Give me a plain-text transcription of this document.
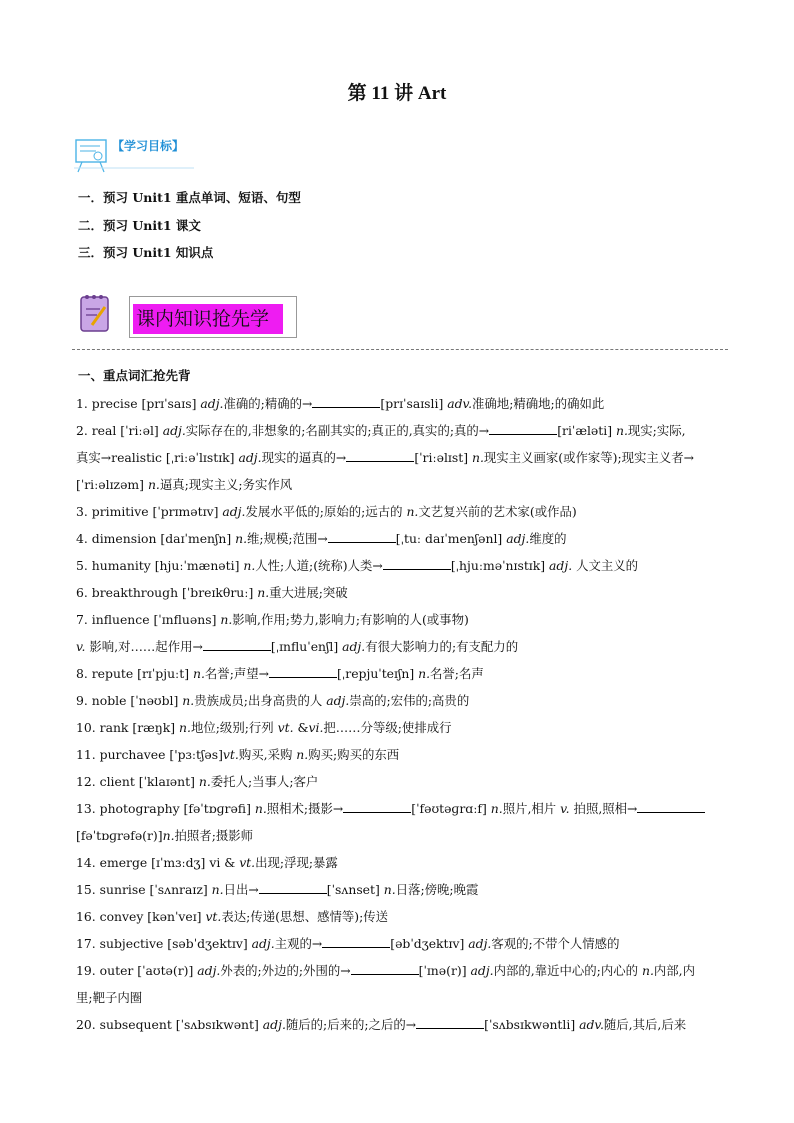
第 11 讲 Art
【学习目标】
一．预习 Unit1 重点单词、短语、句型
二．预习 Unit1 课文
三．预习 Unit1 知识点
课内知识抢先学
一、重点词汇抢先背
1. precise [prɪˈsaɪs] adj.准确的;精确的→	[prɪˈsaɪsli] adv.准确地;精确地;的确如此
2. real [ˈriːəl] adj.实际存在的,非想象的;名副其实的;真正的,真实的;真的→	[riˈæləti] n.现实;实际,
真实→realistic [ˌriːəˈlɪstɪk] adj.现实的逼真的→	[ˈriːəlɪst] n.现实主义画家(或作家等);现实主义者→
[ˈriːəlɪzəm] n.逼真;现实主义;务实作风
3. primitive [ˈprɪmətɪv] adj.发展水平低的;原始的;远古的 n.文艺复兴前的艺术家(或作品)
4. dimension [daɪˈmenʃn] n.维;规模;范围→	[ˌtuː daɪˈmenʃənl] adj.维度的
5. humanity [hjuːˈmænəti] n.人性;人道;(统称)人类→	[ˌhjuːməˈnɪstɪk] adj. 人文主义的
6. breakthrough [ˈbreɪkθruː] n.重大进展;突破
7. influence [ˈɪnfluəns] n.影响,作用;势力,影响力;有影响的人(或事物)
v. 影响,对……起作用→	[ˌɪnfluˈenʃl] adj.有很大影响力的;有支配力的
8. repute [rɪˈpjuːt] n.名誉;声望→	[ˌrepjuˈteɪʃn] n.名誉;名声
9. noble [ˈnəʊbl] n.贵族成员;出身高贵的人 adj.崇高的;宏伟的;高贵的
10. rank [ræŋk] n.地位;级别;行列 vt. &vi.把……分等级;使排成行
11. purchavee ['pɜːtʃəs]vt.购买,采购 n.购买;购买的东西
12. client [ˈklaɪənt] n.委托人;当事人;客户
13. photography [fəˈtɒɡrəfi] n.照相术;摄影→	[ˈfəʊtəɡrɑːf] n.照片,相片 v. 拍照,照相→
[fəˈtɒɡrəfə(r)]n.拍照者;摄影师
14. emerge [ɪˈmɜːdʒ] vi & vt.出现;浮现;暴露
15. sunrise [ˈsʌnraɪz] n.日出→	[ˈsʌnset] n.日落;傍晚;晚霞
16. convey [kənˈveɪ] vt.表达;传递(思想、感情等);传送
17. subjective [səbˈdʒektɪv] adj.主观的→	[əbˈdʒektɪv] adj.客观的;不带个人情感的
19. outer [ˈaʊtə(r)] adj.外表的;外边的;外围的→	[ˈɪnə(r)] adj.内部的,靠近中心的;内心的 n.内部,内
里;靶子内圈
20. subsequent [ˈsʌbsɪkwənt] adj.随后的;后来的;之后的→	[ˈsʌbsɪkwəntli] adv.随后,其后,后来
